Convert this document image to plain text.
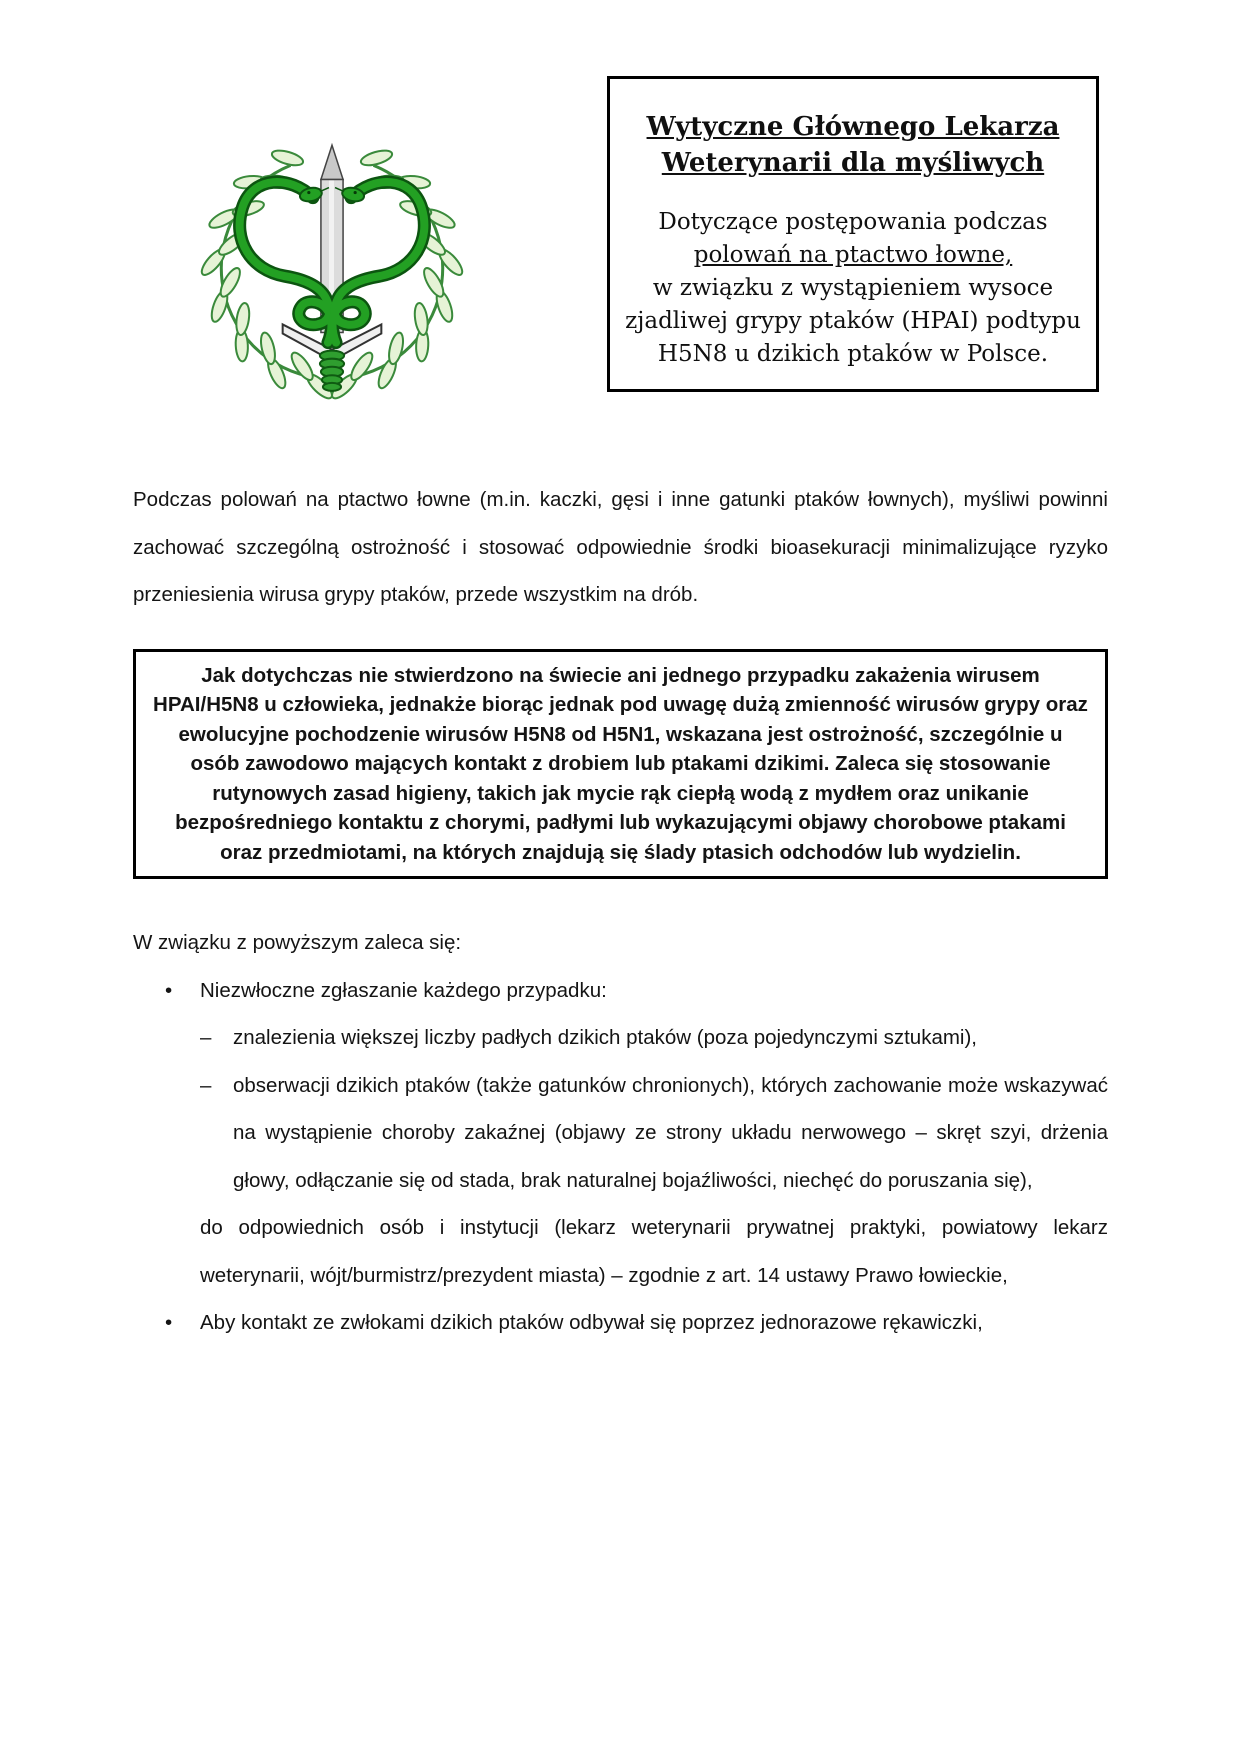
Wytyczne Głównego Lekarza
Weterynarii dla myśliwych
Dotyczące postępowania podczas
polowań na ptactwo łowne,
w związku z wystąpieniem wysoce
zjadliwej grypy ptaków (HPAI) podtypu
H5N8 u dzikich ptaków w Polsce.

Podczas polowań na ptactwo łowne (m.in. kaczki, gęsi i inne gatunki ptaków łownych), myśliwi powinni zachować szczególną ostrożność i stosować odpowiednie środki bioasekuracji minimalizujące ryzyko przeniesienia wirusa grypy ptaków, przede wszystkim na drób.

Jak dotychczas nie stwierdzono na świecie ani jednego przypadku zakażenia wirusem HPAI/H5N8 u człowieka, jednakże biorąc jednak pod uwagę dużą zmienność wirusów grypy oraz ewolucyjne pochodzenie wirusów H5N8 od H5N1, wskazana jest ostrożność, szczególnie u osób zawodowo mających kontakt z drobiem lub ptakami dzikimi. Zaleca się stosowanie rutynowych zasad higieny, takich jak mycie rąk ciepłą wodą z mydłem oraz unikanie bezpośredniego kontaktu z chorymi, padłymi lub wykazującymi objawy chorobowe ptakami oraz przedmiotami, na których znajdują się ślady ptasich odchodów lub wydzielin.

W związku z powyższym zaleca się:

• Niezwłoczne zgłaszanie każdego przypadku:
– znalezienia większej liczby padłych dzikich ptaków (poza pojedynczymi sztukami),
– obserwacji dzikich ptaków (także gatunków chronionych), których zachowanie może wskazywać na wystąpienie choroby zakaźnej (objawy ze strony układu nerwowego – skręt szyi, drżenia głowy, odłączanie się od stada, brak naturalnej bojaźliwości, niechęć do poruszania się),
do odpowiednich osób i instytucji (lekarz weterynarii prywatnej praktyki, powiatowy lekarz weterynarii, wójt/burmistrz/prezydent miasta) – zgodnie z art. 14 ustawy Prawo łowieckie,
• Aby kontakt ze zwłokami dzikich ptaków odbywał się poprzez jednorazowe rękawiczki,
